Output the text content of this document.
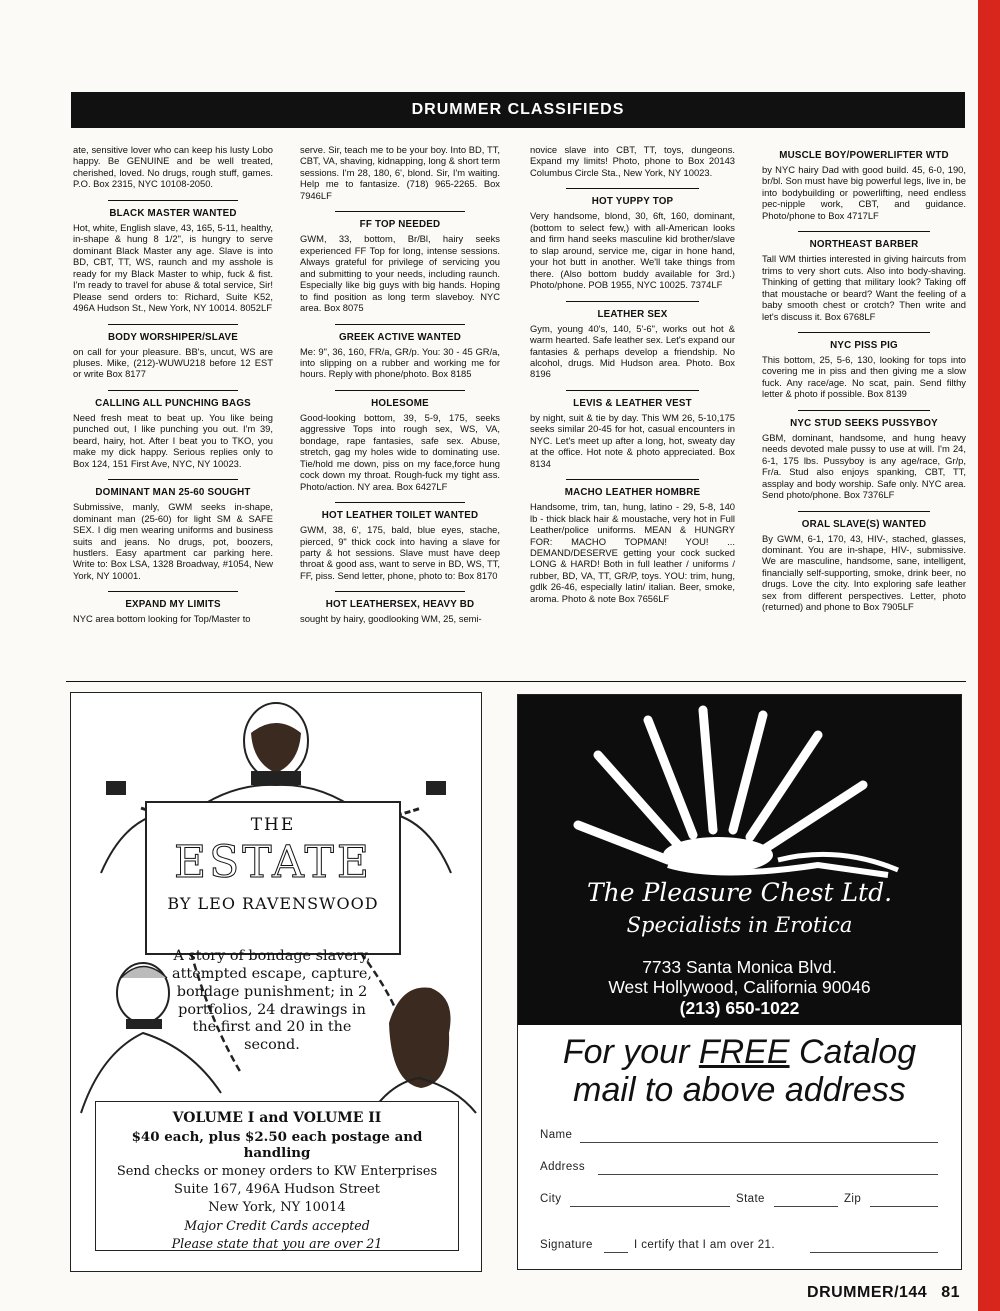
DRUMMER CLASSIFIEDS

ate, sensitive lover who can keep his lusty Lobo happy. Be GENUINE and be well treated, cherished, loved. No drugs, rough stuff, games. P.O. Box 2315, NYC 10108-2050.

BLACK MASTER WANTED

Hot, white, English slave, 43, 165, 5-11, healthy, in-shape & hung 8 1/2", is hungry to serve dominant Black Master any age. Slave is into BD, CBT, TT, WS, raunch and my asshole is ready for my Black Master to whip, fuck & fist. I'm ready to travel for abuse & total service, Sir! Please send orders to: Richard, Suite K52, 496A Hudson St., New York, NY 10014. 8052LF

BODY WORSHIPER/SLAVE

on call for your pleasure. BB's, uncut, WS are pluses. Mike, (212)-WUWU218 before 12 EST or write Box 8177

CALLING ALL PUNCHING BAGS

Need fresh meat to beat up. You like being punched out, I like punching you out. I'm 39, beard, hairy, hot. After I beat you to TKO, you make my dick happy. Serious replies only to Box 124, 151 First Ave, NYC, NY 10023.

DOMINANT MAN 25-60 SOUGHT

Submissive, manly, GWM seeks in-shape, dominant man (25-60) for light SM & SAFE SEX. I dig men wearing uniforms and business suits and jeans. No drugs, pot, boozers, hustlers. Easy apartment car parking here. Write to: Box LSA, 1328 Broadway, #1054, New York, NY 10001.

EXPAND MY LIMITS

NYC area bottom looking for Top/Master to

serve. Sir, teach me to be your boy. Into BD, TT, CBT, VA, shaving, kidnapping, long & short term sessions. I'm 28, 180, 6', blond. Sir, I'm waiting. Help me to fantasize. (718) 965-2265. Box 7946LF

FF TOP NEEDED

GWM, 33, bottom, Br/Bl, hairy seeks experienced FF Top for long, intense sessions. Always grateful for privilege of servicing you and submitting to your needs, including raunch. Especially like big guys with big hands. Hoping to find position as long term slaveboy. NYC area. Box 8075

GREEK ACTIVE WANTED

Me: 9", 36, 160, FR/a, GR/p. You: 30 - 45 GR/a, into slipping on a rubber and working me for hours. Reply with phone/photo. Box 8185

HOLESOME

Good-looking bottom, 39, 5-9, 175, seeks aggressive Tops into rough sex, WS, VA, bondage, rape fantasies, safe sex. Abuse, stretch, gag my holes wide to dominating use. Tie/hold me down, piss on my face,force hung cock down my throat. Rough-fuck my tight ass. Photo/action. NY area. Box 6427LF

HOT LEATHER TOILET WANTED

GWM, 38, 6', 175, bald, blue eyes, stache, pierced, 9" thick cock into having a slave for party & hot sessions. Slave must have deep throat & good ass, want to serve in BD, WS, TT, FF, piss. Send letter, phone, photo to: Box 8170

HOT LEATHERSEX, HEAVY BD

sought by hairy, goodlooking WM, 25, semi-

novice slave into CBT, TT, toys, dungeons. Expand my limits! Photo, phone to Box 20143 Columbus Circle Sta., New York, NY 10023.

HOT YUPPY TOP

Very handsome, blond, 30, 6ft, 160, dominant, (bottom to select few,) with all-American looks and firm hand seeks masculine kid brother/slave to slap around, service me, cigar in hone hand, your hot butt in another. We'll take things from there. (Also bottom buddy available for 3rd.) Photo/phone. POB 1955, NYC 10025. 7374LF

LEATHER SEX

Gym, young 40's, 140, 5'-6", works out hot & warm hearted. Safe leather sex. Let's expand our fantasies & perhaps develop a friendship. No alcohol, drugs. Mid Hudson area. Photo. Box 8196

LEVIS & LEATHER VEST

by night, suit & tie by day. This WM 26, 5-10,175 seeks similar 20-45 for hot, casual encounters in NYC. Let's meet up after a long, hot, sweaty day at the office. Hot note & photo appreciated. Box 8134

MACHO LEATHER HOMBRE

Handsome, trim, tan, hung, latino - 29, 5-8, 140 lb - thick black hair & moustache, very hot in Full Leather/police uniforms. MEAN & HUNGRY FOR: MACHO TOPMAN! YOU! ... DEMAND/DESERVE getting your cock sucked LONG & HARD! Both in full leather / uniforms / rubber, BD, VA, TT, GR/P, toys. YOU: trim, hung, gdlk 26-46, especially latin/ italian. Beer, smoke, aroma. Photo & note Box 7656LF

MUSCLE BOY/POWERLIFTER WTD

by NYC hairy Dad with good build. 45, 6-0, 190, br/bl. Son must have big powerful legs, live in, be into bodybuilding or powerlifting, need endless pec-nipple work, CBT, and guidance. Photo/phone to Box 4717LF

NORTHEAST BARBER

Tall WM thirties interested in giving haircuts from trims to very short cuts. Also into body-shaving. Thinking of getting that military look? Taking off that moustache or beard? Want the feeling of a baby smooth chest or crotch? Then write and let's discuss it. Box 6768LF

NYC PISS PIG

This bottom, 25, 5-6, 130, looking for tops into covering me in piss and then giving me a slow fuck. Any race/age. No scat, pain. Send filthy letter & photo if possible. Box 8139

NYC STUD SEEKS PUSSYBOY

GBM, dominant, handsome, and hung heavy needs devoted male pussy to use at will. I'm 24, 6-1, 175 lbs. Pussyboy is any age/race, Gr/p, Fr/a. Stud also enjoys spanking, CBT, TT, assplay and body worship. Safe only. NYC area. Send photo/phone. Box 7376LF

ORAL SLAVE(S) WANTED

By GWM, 6-1, 170, 43, HIV-, stached, glasses, dominant. You are in-shape, HIV-, submissive. We are masculine, handsome, sane, intelligent, financially self-supporting, smoke, drink beer, no drugs. Love the city. Into exploring safe leather sex from different perspectives. Letter, photo (returned) and phone to Box 7905LF

THE
ESTATE
BY LEO RAVENSWOOD
A story of bondage slavery, attempted escape, capture, bondage punishment; in 2 portfolios, 24 drawings in the first and 20 in the second.
VOLUME I and VOLUME II
$40 each, plus $2.50 each postage and handling
Send checks or money orders to KW Enterprises
Suite 167, 496A Hudson Street
New York, NY 10014
Major Credit Cards accepted
Please state that you are over 21
The Pleasure Chest Ltd.
Specialists in Erotica
7733 Santa Monica Blvd.
West Hollywood, California 90046
(213) 650-1022
For your FREE Catalog
mail to above address
Name
Address
City	State	Zip
Signature	I certify that I am over 21.
DRUMMER/144 81
